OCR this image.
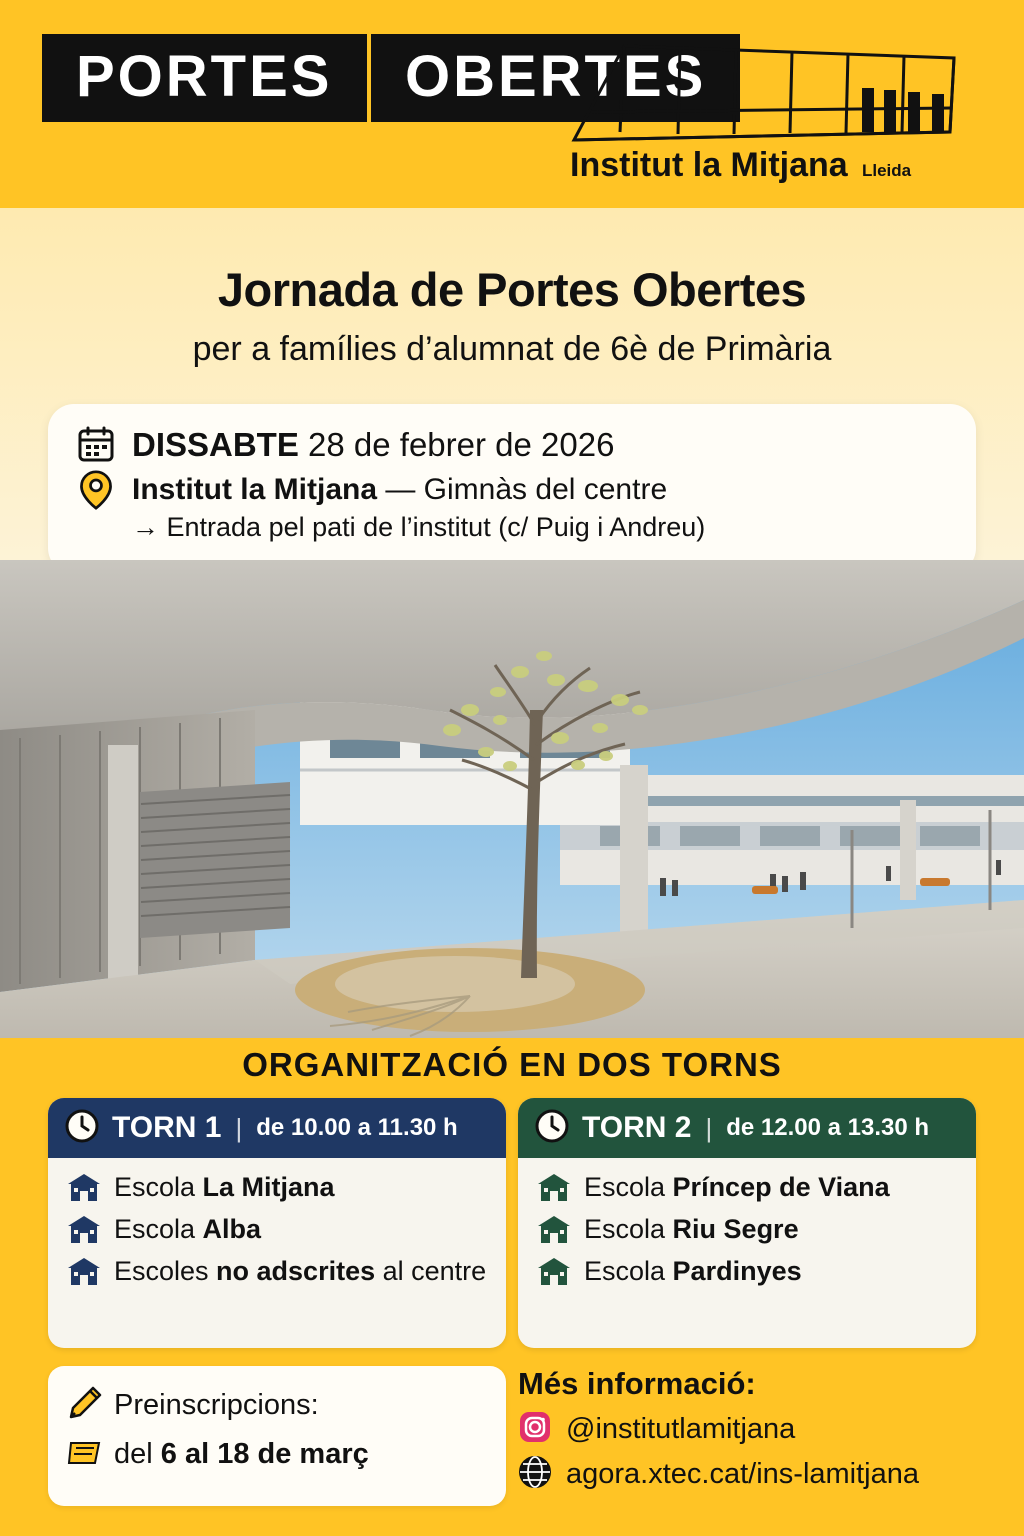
PORTES OBERTES
Institut la Mitjana Lleida
Jornada de Portes Obertes
per a famílies d’alumnat de 6è de Primària
DISSABTE 28 de febrer de 2026
Institut la Mitjana — Gimnàs del centre
→ Entrada pel pati de l’institut (c/ Puig i Andreu)
ORGANITZACIÓ EN DOS TORNS
TORN 1 | de 10.00 a 11.30 h
Escola La Mitjana
Escola Alba
Escoles no adscrites al centre
TORN 2 | de 12.00 a 13.30 h
Escola Príncep de Viana
Escola Riu Segre
Escola Pardinyes
Preinscripcions:
del 6 al 18 de març
Més informació:
@institutlamitjana
agora.xtec.cat/ins-lamitjana
